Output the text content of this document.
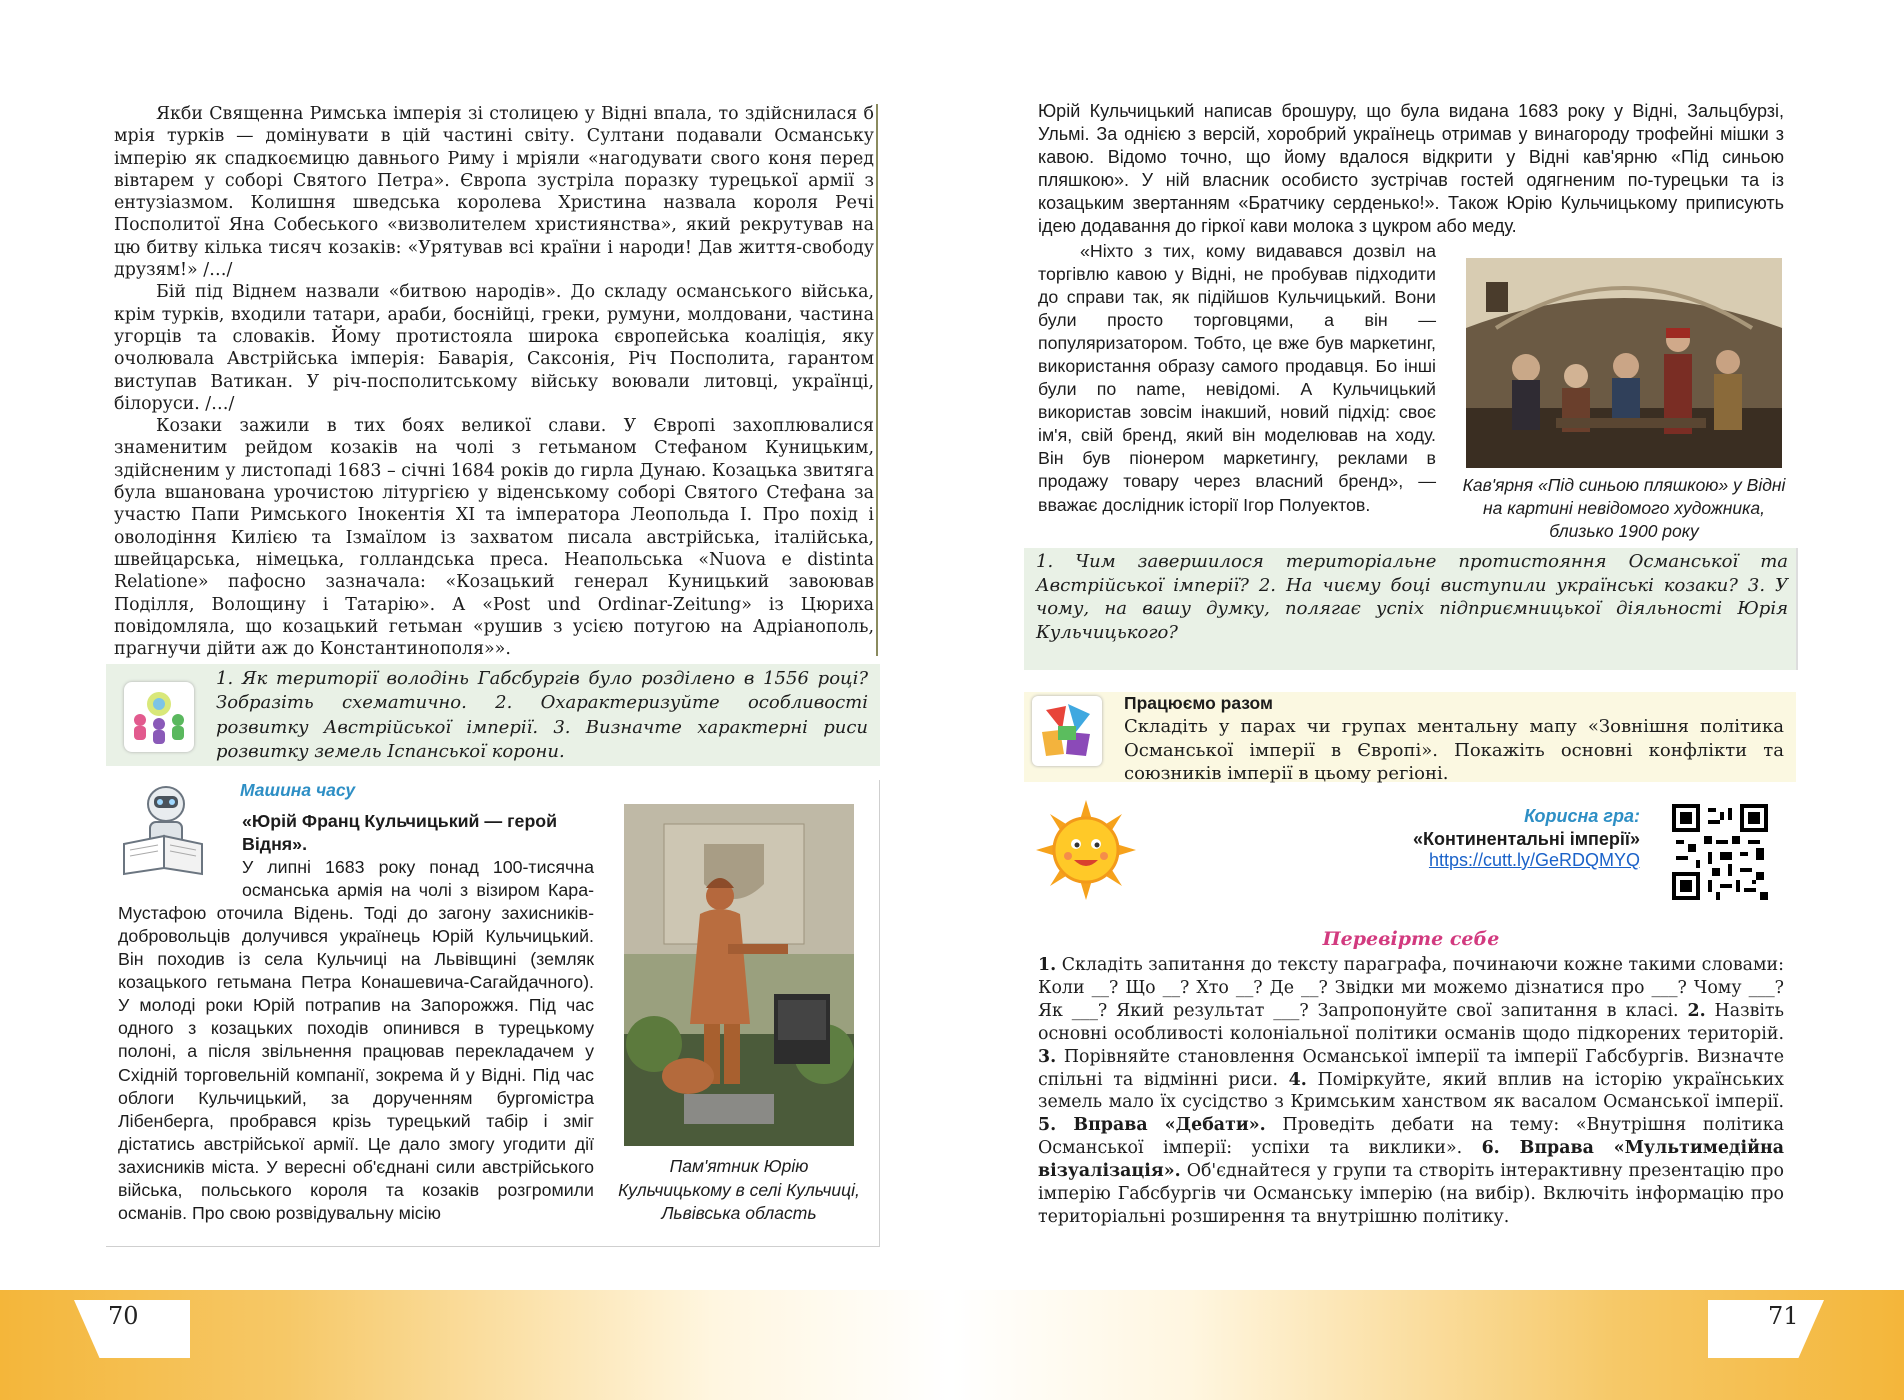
Якби Священна Римська імперія зі столицею у Відні впала, то здійснилася б мрія турків — домінувати в цій частині світу. Султани подавали Османську імперію як спадкоємицю давнього Риму і мріяли «нагодувати свого коня перед вівтарем у соборі Святого Петра». Європа зустріла поразку турецької армії з ентузіазмом. Колишня шведська королева Христина назвала короля Речі Посполитої Яна Собеського «визволителем християнства», який рекрутував на цю битву кілька тисяч козаків: «Урятував всі країни і народи! Дав життя-свободу друзям!» /…/

Бій під Віднем назвали «битвою народів». До складу османського війська, крім турків, входили татари, араби, боснійці, греки, румуни, молдовани, частина угорців та словаків. Йому протистояла широка європейська коаліція, яку очолювала Австрійська імперія: Баварія, Саксонія, Річ Посполита, гарантом виступав Ватикан. У річ-посполитському війську воювали литовці, українці, білоруси. /…/

Козаки зажили в тих боях великої слави. У Європі захоплювалися знаменитим рейдом козаків на чолі з гетьманом Стефаном Куницьким, здійсненим у листопаді 1683 – січні 1684 років до гирла Дунаю. Козацька звитяга була вшанована урочистою літургією у віденському соборі Святого Стефана за участю Папи Римського Інокентія XI та імператора Леопольда I. Про похід і оволодіння Килією та Ізмаїлом із захватом писала австрійська, італійська, швейцарська, німецька, голландська преса. Неапольська «Nuova e distinta Relatione» пафосно зазначала: «Козацький генерал Куницький завоював Поділля, Волощину і Татарію». А «Post und Ordinar-Zeitung» із Цюриха повідомляла, що козацький гетьман «рушив з усією потугою на Адріанополь, прагнучи дійти аж до Константинополя»».

1. Як території володінь Габсбургів було розділено в 1556 році? Зобразіть схематично. 2. Охарактеризуйте особливості розвитку Австрійської імперії. 3. Визначте характерні риси розвитку земель Іспанської корони.
Машина часу

«Юрій Франц Кульчицький — герой Відня».

У липні 1683 року понад 100-тисячна османська армія на чолі з візиром Кара-Мустафою оточила Відень. Тоді до загону захисників-добровольців долучився українець Юрій Кульчицький. Він походив із села Кульчиці на Львівщині (земляк козацького гетьмана Петра Конашевича-Сагайдачного). У молоді роки Юрій потрапив на Запорожжя. Під час одного з козацьких походів опинився в турецькому полоні, а після звільнення працював перекладачем у Східній торговельній компанії, зокрема й у Відні. Під час облоги Кульчицький, за дорученням бургомістра Лібенберга, пробрався крізь турецький табір і зміг дістатись австрійської армії. Це дало змогу угодити дії захисників міста. У вересні об'єднані сили австрійського війська, польського короля та козаків розгромили османів. Про свою розвідувальну місію

Пам'ятник Юрію Кульчицькому в селі Кульчиці, Львівська область
Юрій Кульчицький написав брошуру, що була видана 1683 року у Відні, Зальцбурзі, Ульмі. За однією з версій, хоробрий українець отримав у винагороду трофейні мішки з кавою. Відомо точно, що йому вдалося відкрити у Відні кав'ярню «Під синьою пляшкою». У ній власник особисто зустрічав гостей одягненим по-турецьки та із козацьким звертанням «Братчику серденько!». Також Юрію Кульчицькому приписують ідею додавання до гіркої кави молока з цукром або меду.

«Ніхто з тих, кому видавався дозвіл на торгівлю кавою у Відні, не пробував підходити до справи так, як підійшов Кульчицький. Вони були просто торговцями, а він — популяризатором. Тобто, це вже був маркетинг, використання образу самого продавця. Бо інші були по name, невідомі. А Кульчицький використав зовсім інакший, новий підхід: своє ім'я, свій бренд, який він моделював на ходу. Він був піонером маркетингу, реклами в продажу товару через власний бренд», — вважає дослідник історії Ігор Полуектов.

Кав'ярня «Під синьою пляшкою» у Відні на картині невідомого художника, близько 1900 року
1. Чим завершилося територіальне протистояння Османської та Австрійської імперії? 2. На чиєму боці виступили українські козаки? 3. У чому, на вашу думку, полягає успіх підприємницької діяльності Юрія Кульчицького?
Працюємо разом
Складіть у парах чи групах ментальну мапу «Зовнішня політика Османської імперії в Європі». Покажіть основні конфлікти та союзників імперії в цьому регіоні.
Корисна гра:
«Континентальні імперії»
https://cutt.ly/GeRDQMYQ
Перевірте себе
1. Складіть запитання до тексту параграфа, починаючи кожне такими словами: Коли __? Що __? Хто __? Де __? Звідки ми можемо дізнатися про ___? Чому ___? Як ___? Який результат ___? Запропонуйте свої запитання в класі. 2. Назвіть основні особливості колоніальної політики османів щодо підкорених територій. 3. Порівняйте становлення Османської імперії та імперії Габсбургів. Визначте спільні та відмінні риси. 4. Поміркуйте, який вплив на історію українських земель мало їх сусідство з Кримським ханством як васалом Османської імперії. 5. Вправа «Дебати». Проведіть дебати на тему: «Внутрішня політика Османської імперії: успіхи та виклики». 6. Вправа «Мультимедійна візуалізація». Об'єднайтеся у групи та створіть інтерактивну презентацію про імперію Габсбургів чи Османську імперію (на вибір). Включіть інформацію про територіальні розширення та внутрішню політику.
70	71
